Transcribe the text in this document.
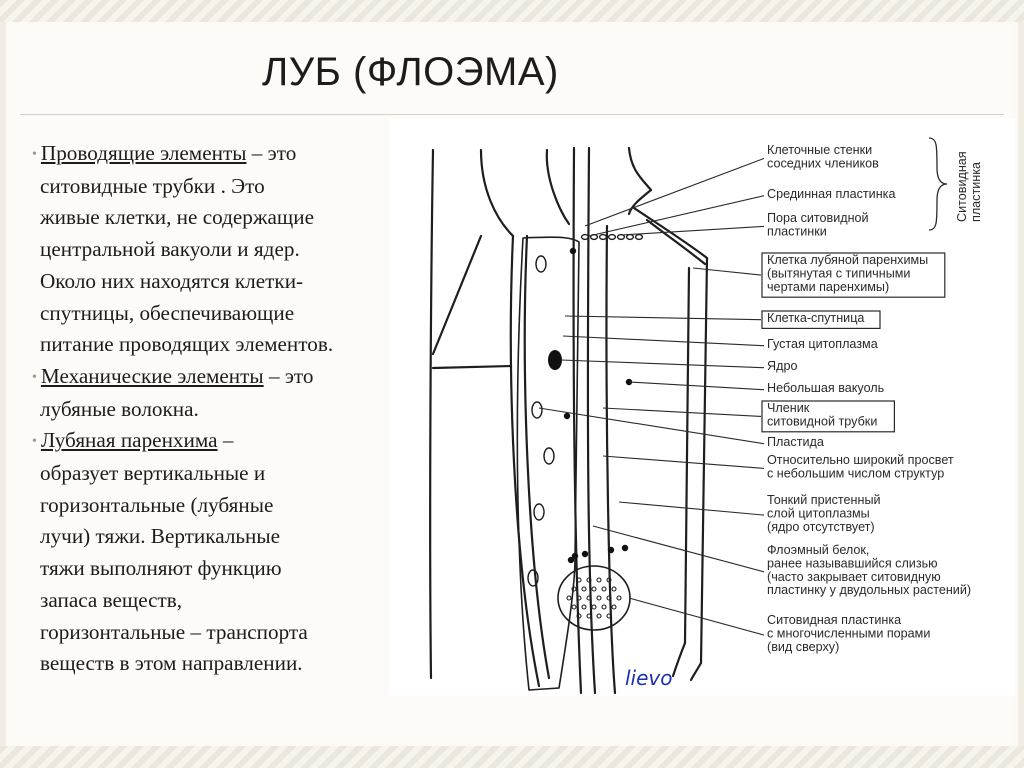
ЛУБ (ФЛОЭМА)
• Проводящие элементы – это
ситовидные трубки . Это
живые клетки, не содержащие
центральной вакуоли и ядер.
Около них находятся клетки-
спутницы, обеспечивающие
питание проводящих элементов.
• Механические элементы – это
лубяные волокна.
• Лубяная паренхима –
образует вертикальные и
горизонтальные (лубяные
лучи) тяжи. Вертикальные
тяжи выполняют функцию
запаса веществ,
горизонтальные – транспорта
веществ в этом направлении.
lievo
Клеточные стенки
соседних члеников
Срединная пластинка
Пора ситовидной
пластинки
Клетка лубяной паренхимы
(вытянутая с типичными
чертами паренхимы)
Клетка-спутница
Густая цитоплазма
Ядро
Небольшая вакуоль
Членик
ситовидной трубки
Пластида
Относительно широкий просвет
с небольшим числом структур
Тонкий пристенный
слой цитоплазмы
(ядро отсутствует)
Флоэмный белок,
ранее называвшийся слизью
(часто закрывает ситовидную
пластинку у двудольных растений)
Ситовидная пластинка
с многочисленными порами
(вид сверху)
Ситовидная пластинка
